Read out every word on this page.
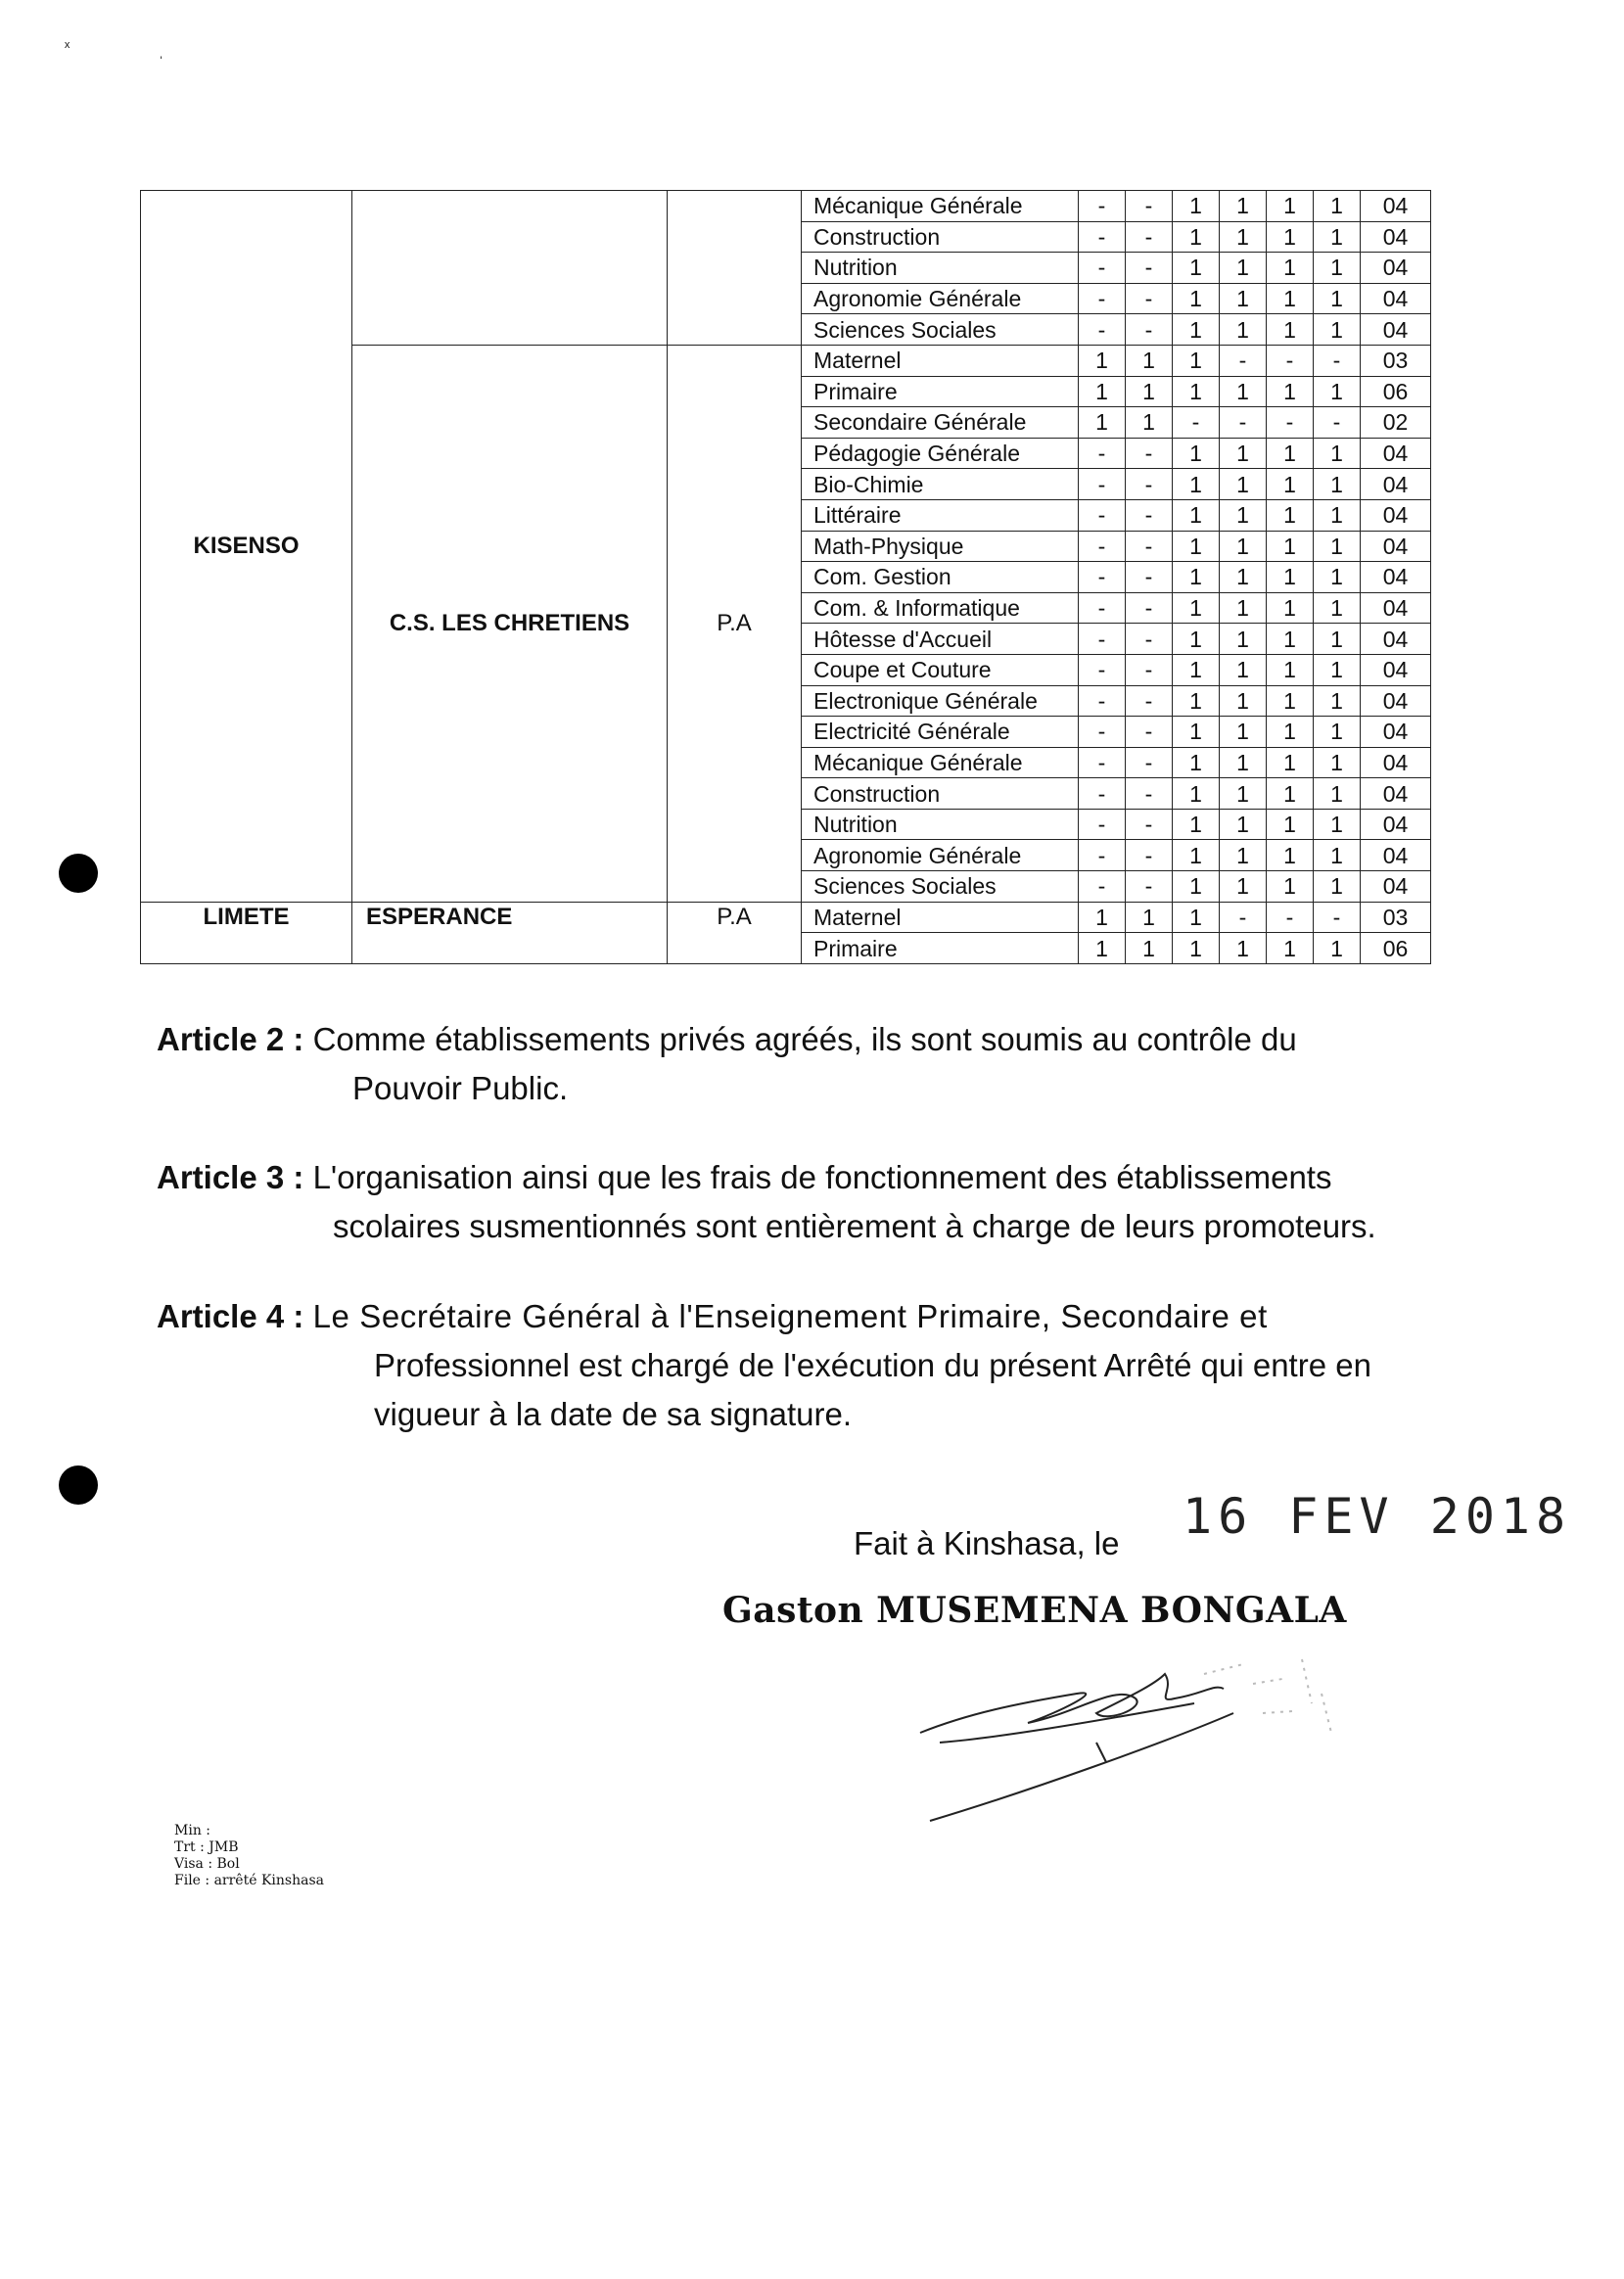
ˣ	ˌ
KISENSO			Mécanique Générale	-	-	1	1	1	1	04
			Construction	-	-	1	1	1	1	04
			Nutrition	-	-	1	1	1	1	04
			Agronomie Générale	-	-	1	1	1	1	04
			Sciences Sociales	-	-	1	1	1	1	04
	C.S. LES CHRETIENS	P.A	Maternel	1	1	1	-	-	-	03
			Primaire	1	1	1	1	1	1	06
			Secondaire Générale	1	1	-	-	-	-	02
			Pédagogie Générale	-	-	1	1	1	1	04
			Bio-Chimie	-	-	1	1	1	1	04
			Littéraire	-	-	1	1	1	1	04
			Math-Physique	-	-	1	1	1	1	04
			Com. Gestion	-	-	1	1	1	1	04
			Com. & Informatique	-	-	1	1	1	1	04
			Hôtesse d'Accueil	-	-	1	1	1	1	04
			Coupe et Couture	-	-	1	1	1	1	04
			Electronique Générale	-	-	1	1	1	1	04
			Electricité Générale	-	-	1	1	1	1	04
			Mécanique Générale	-	-	1	1	1	1	04
			Construction	-	-	1	1	1	1	04
			Nutrition	-	-	1	1	1	1	04
			Agronomie Générale	-	-	1	1	1	1	04
			Sciences Sociales	-	-	1	1	1	1	04
LIMETE	ESPERANCE	P.A	Maternel	1	1	1	-	-	-	03
			Primaire	1	1	1	1	1	1	06
Article 2 : Comme établissements privés agréés, ils sont soumis au contrôle du
Pouvoir Public.
Article 3 : L'organisation ainsi que les frais de fonctionnement des établissements
scolaires susmentionnés sont entièrement à charge de leurs promoteurs.
Article 4 : Le Secrétaire Général à l'Enseignement Primaire, Secondaire et
Professionnel est chargé de l'exécution du présent Arrêté qui entre en
vigueur à la date de sa signature.
16 FEV 2018
Fait à Kinshasa, le
Gaston MUSEMENA BONGALA
Min :
Trt : JMB
Visa : Bol
File : arrêté Kinshasa
